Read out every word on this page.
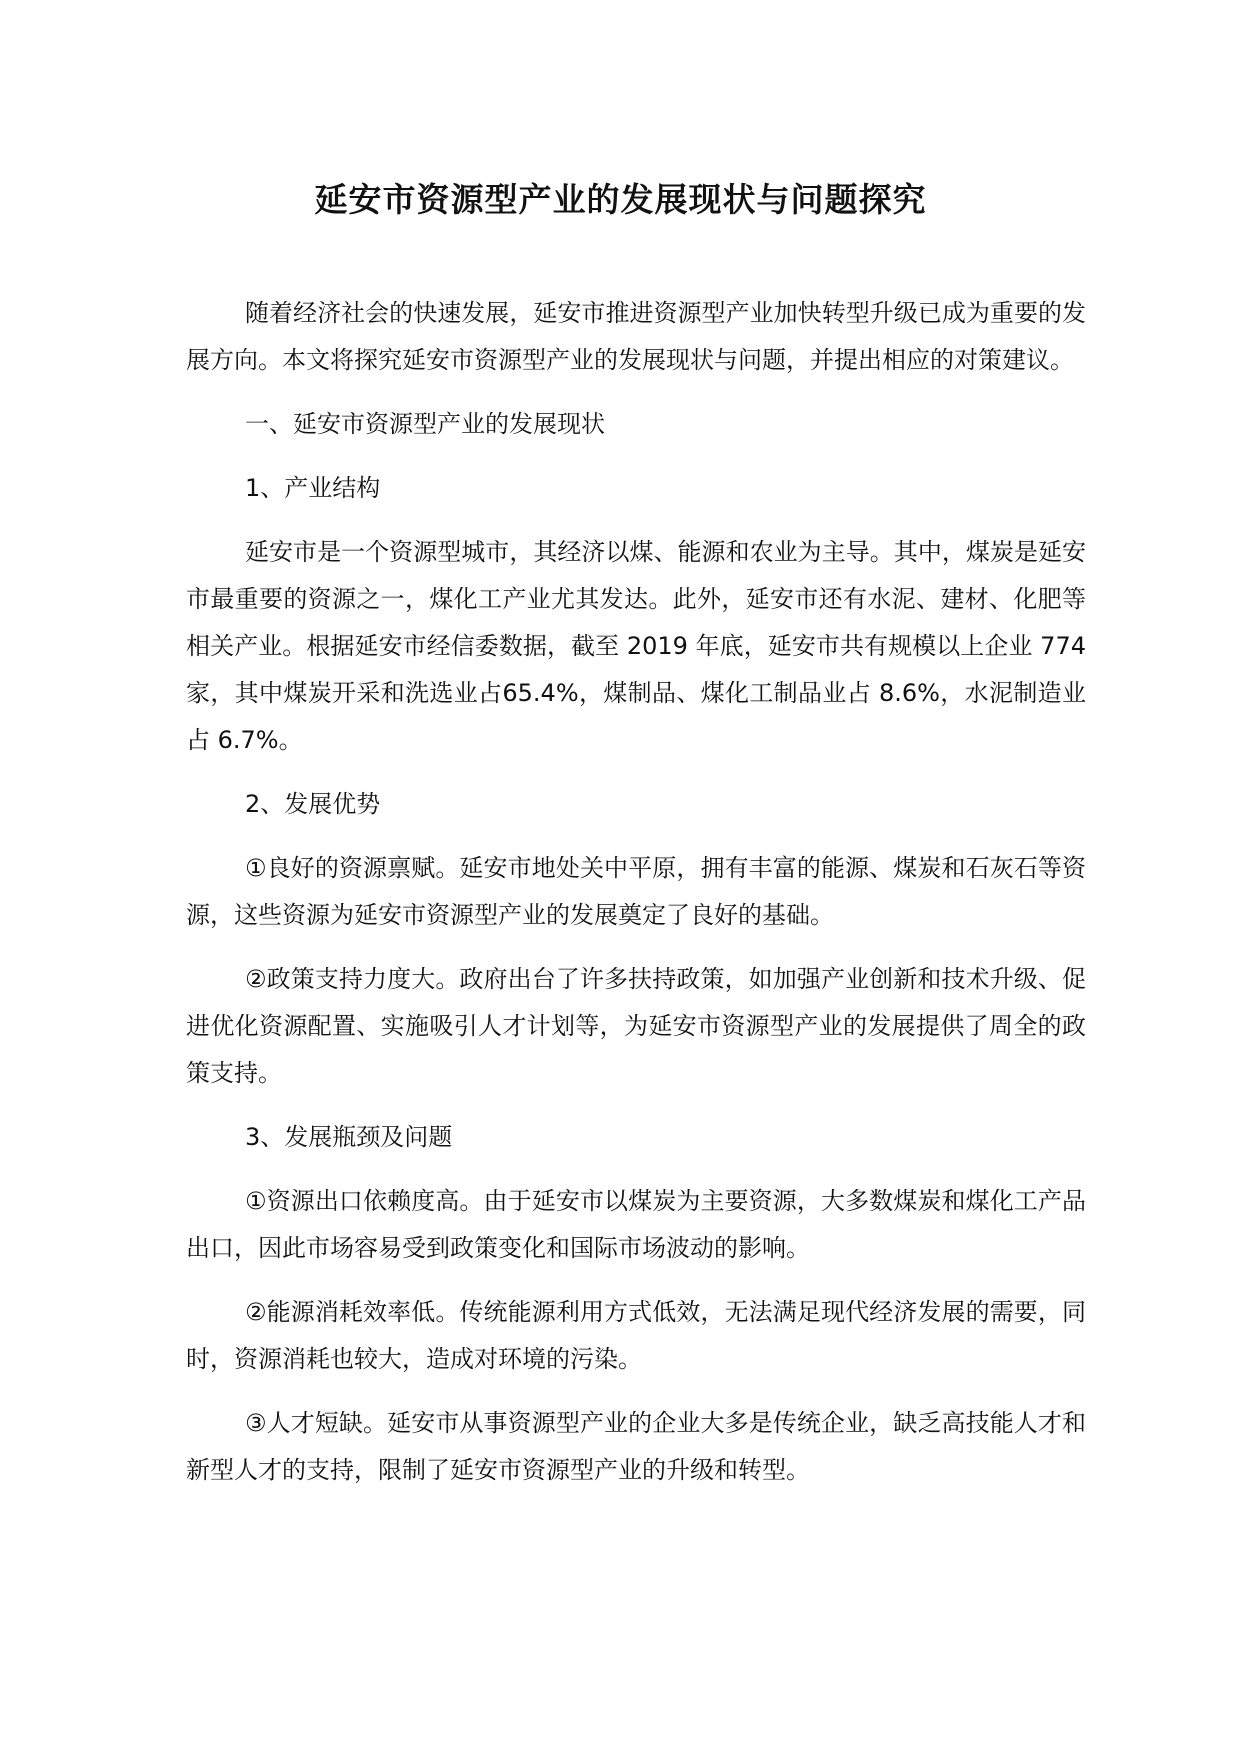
延安市资源型产业的发展现状与问题探究

随着经济社会的快速发展，延安市推进资源型产业加快转型升级已成为重要的发展方向。本文将探究延安市资源型产业的发展现状与问题，并提出相应的对策建议。

一、延安市资源型产业的发展现状

1、产业结构

延安市是一个资源型城市，其经济以煤、能源和农业为主导。其中，煤炭是延安市最重要的资源之一，煤化工产业尤其发达。此外，延安市还有水泥、建材、化肥等相关产业。根据延安市经信委数据，截至 2019 年底，延安市共有规模以上企业 774 家，其中煤炭开采和洗选业占65.4%，煤制品、煤化工制品业占 8.6%，水泥制造业占 6.7%。

2、发展优势

①良好的资源禀赋。延安市地处关中平原，拥有丰富的能源、煤炭和石灰石等资源，这些资源为延安市资源型产业的发展奠定了良好的基础。

②政策支持力度大。政府出台了许多扶持政策，如加强产业创新和技术升级、促进优化资源配置、实施吸引人才计划等，为延安市资源型产业的发展提供了周全的政策支持。

3、发展瓶颈及问题

①资源出口依赖度高。由于延安市以煤炭为主要资源，大多数煤炭和煤化工产品出口，因此市场容易受到政策变化和国际市场波动的影响。

②能源消耗效率低。传统能源利用方式低效，无法满足现代经济发展的需要，同时，资源消耗也较大，造成对环境的污染。

③人才短缺。延安市从事资源型产业的企业大多是传统企业，缺乏高技能人才和新型人才的支持，限制了延安市资源型产业的升级和转型。
